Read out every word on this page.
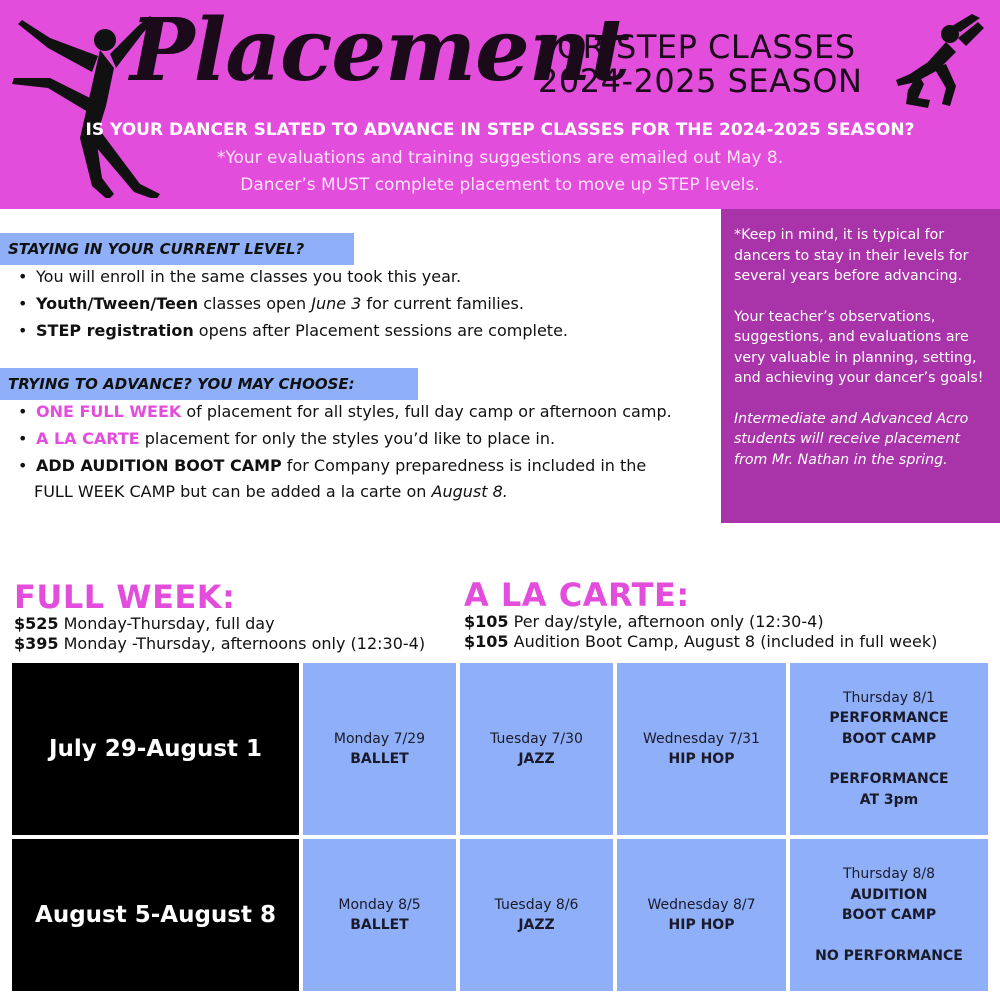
Placement
FOR STEP CLASSES
2024-2025 SEASON
IS YOUR DANCER SLATED TO ADVANCE IN STEP CLASSES FOR THE 2024-2025 SEASON?
*Your evaluations and training suggestions are emailed out May 8.
Dancer’s MUST complete placement to move up STEP levels.
STAYING IN YOUR CURRENT LEVEL?
• You will enroll in the same classes you took this year.
• Youth/Tween/Teen classes open June 3 for current families.
• STEP registration opens after Placement sessions are complete.
TRYING TO ADVANCE? YOU MAY CHOOSE:
• ONE FULL WEEK of placement for all styles, full day camp or afternoon camp.
• A LA CARTE placement for only the styles you’d like to place in.
• ADD AUDITION BOOT CAMP for Company preparedness is included in the
FULL WEEK CAMP but can be added a la carte on August 8.

*Keep in mind, it is typical for dancers to stay in their levels for several years before advancing.

Your teacher’s observations, suggestions, and evaluations are very valuable in planning, setting, and achieving your dancer’s goals!

Intermediate and Advanced Acro students will receive placement from Mr. Nathan in the spring.

FULL WEEK:
$525 Monday-Thursday, full day
$395 Monday -Thursday, afternoons only (12:30-4)
A LA CARTE:
$105 Per day/style, afternoon only (12:30-4)
$105 Audition Boot Camp, August 8 (included in full week)
July 29-August 1	Monday 7/29
BALLET
Tuesday 7/30
JAZZ
Wednesday 7/31
HIP HOP
Thursday 8/1
PERFORMANCE
BOOT CAMP
PERFORMANCE
AT 3pm
August 5-August 8	Monday 8/5
BALLET
Tuesday 8/6
JAZZ
Wednesday 8/7
HIP HOP
Thursday 8/8
AUDITION
BOOT CAMP
NO PERFORMANCE
